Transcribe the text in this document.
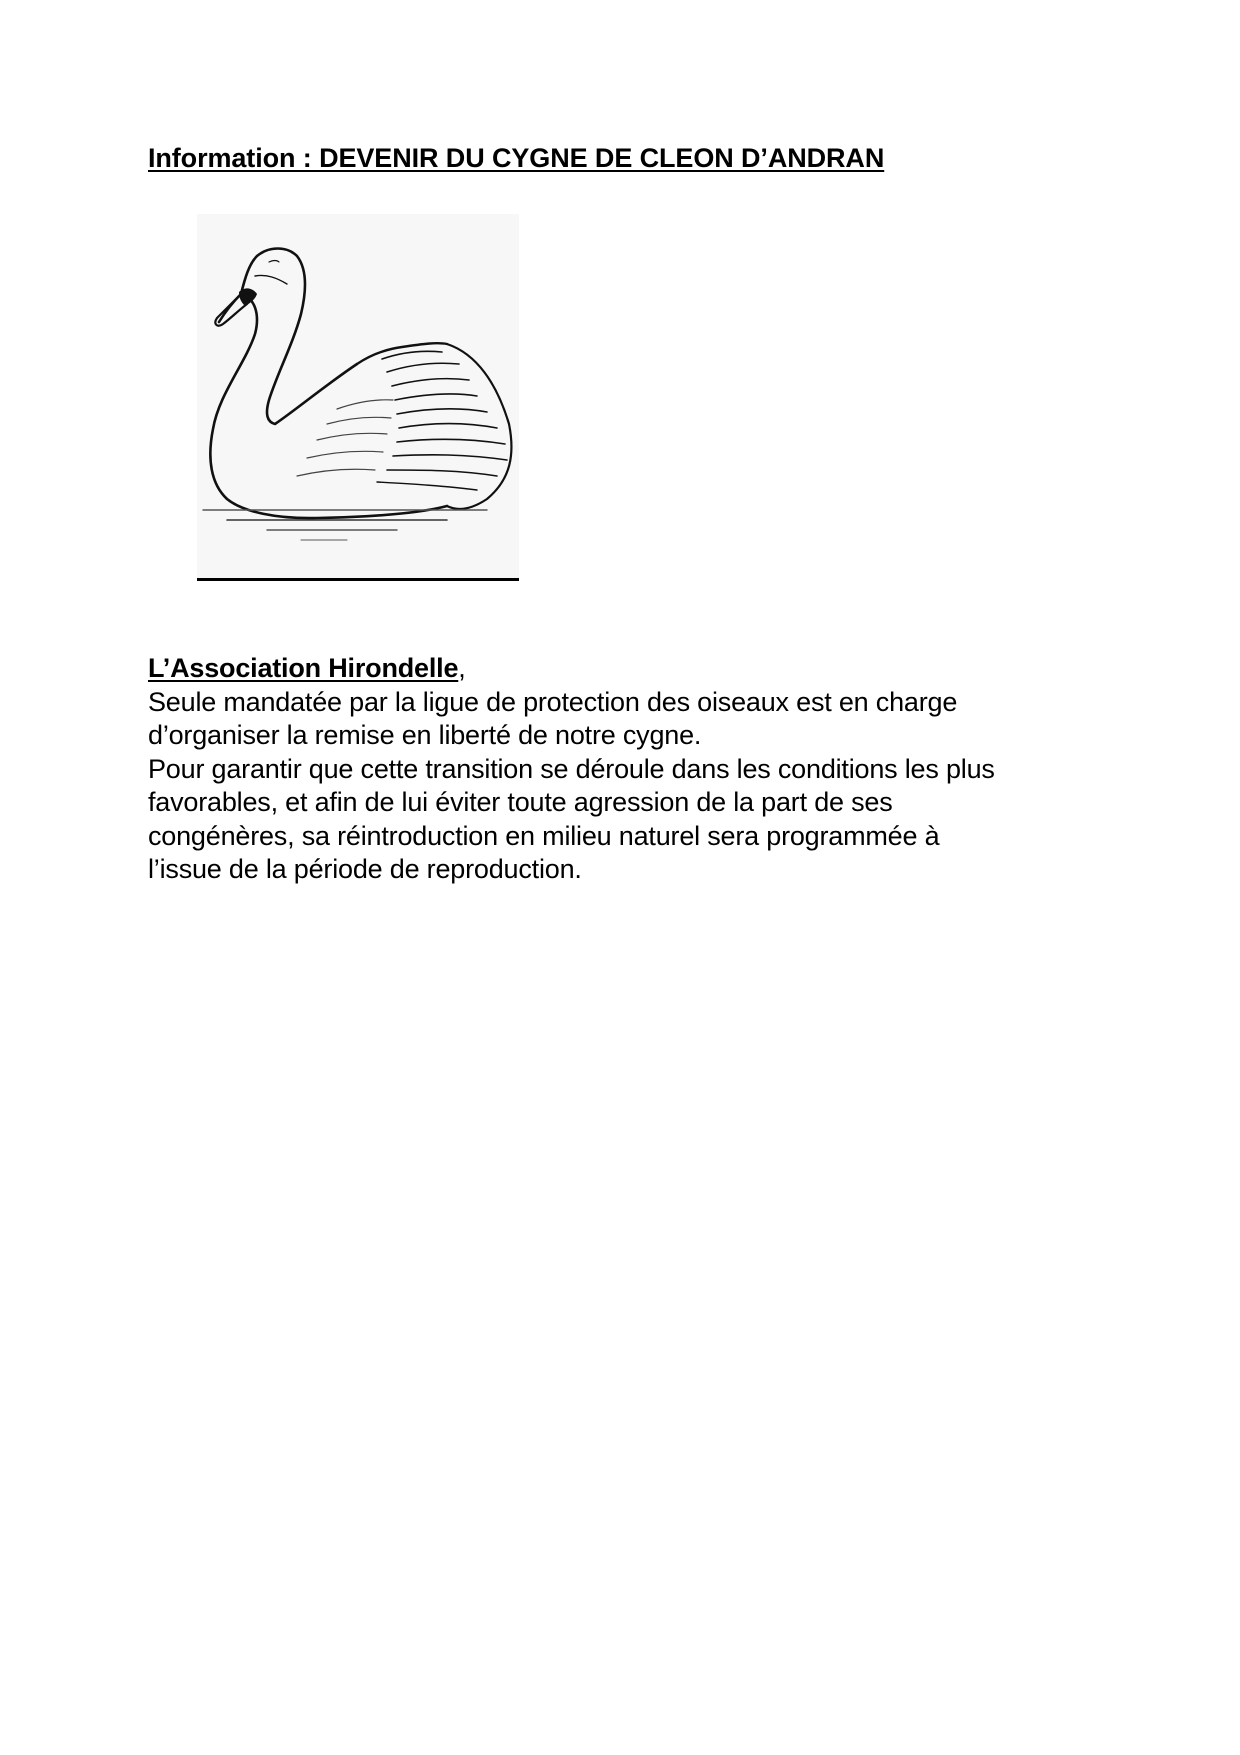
Information : DEVENIR DU CYGNE DE CLEON D’ANDRAN

L’Association Hirondelle,

Seule mandatée par la ligue de protection des oiseaux est en charge

d’organiser la remise en liberté de notre cygne.

Pour garantir que cette transition se déroule dans les conditions les plus

favorables, et afin de lui éviter toute agression de la part de ses

congénères, sa réintroduction en milieu naturel sera programmée à

l’issue de la période de reproduction.
